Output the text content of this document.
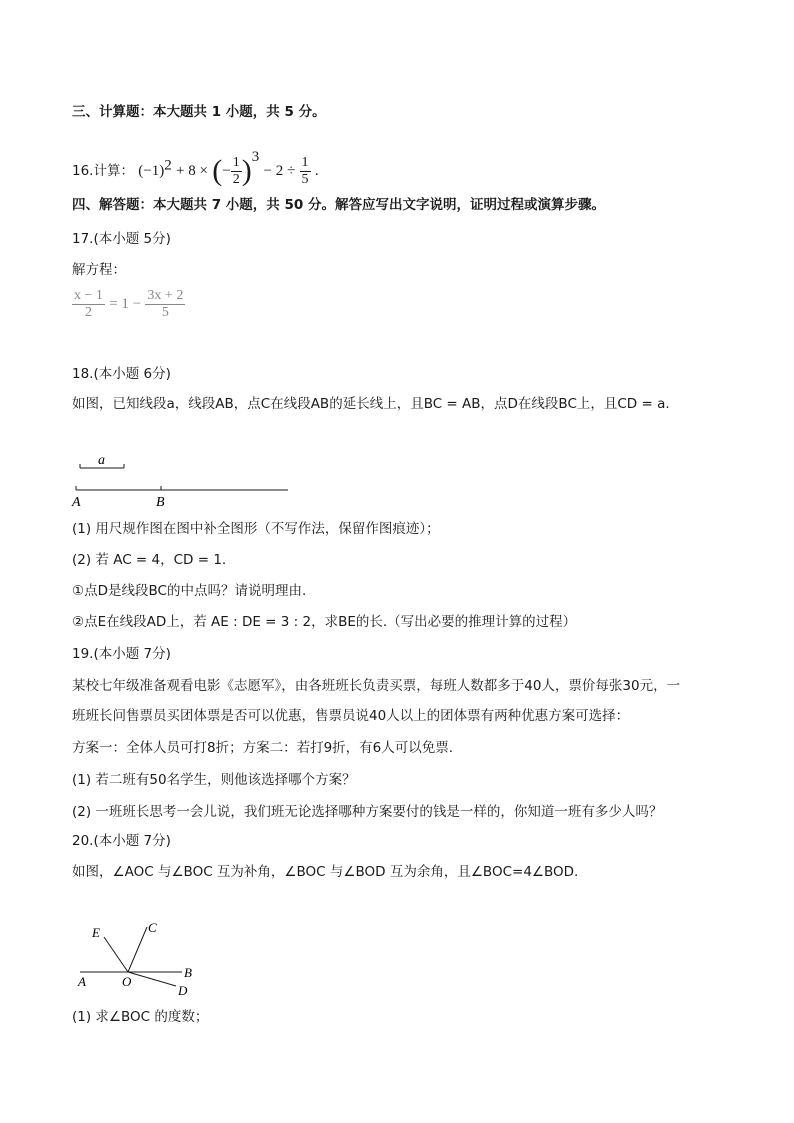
三、计算题：本大题共 1 小题，共 5 分。
16.计算： $(-1)^2 + 8$ × (− $\frac{1}{2} )^3 - 2 \div \frac{1}{5}$ .
四、解答题：本大题共 7 小题，共 50 分。解答应写出文字说明，证明过程或演算步骤。
17.(本小题 5分)
解方程：
$\frac{x - 1}{2} = 1 - \frac{3x + 2}{5}$
18.(本小题 6分)
如图，已知线段a，线段AB，点C在线段AB的延长线上，且BC = AB，点D在线段BC上，且CD = a.
a
A	B
(1) 用尺规作图在图中补全图形（不写作法，保留作图痕迹）；
(2) 若 AC = 4，CD = 1.
①点D是线段BC的中点吗？请说明理由.
②点E在线段AD上，若 AE : DE = 3 : 2，求BE的长.（写出必要的推理计算的过程）
19.(本小题 7分)
某校七年级准备观看电影《志愿军》，由各班班长负责买票，每班人数都多于40人，票价每张30元，一
班班长问售票员买团体票是否可以优惠，售票员说40人以上的团体票有两种优惠方案可选择：
方案一：全体人员可打8折；方案二：若打9折，有6人可以免票.
(1) 若二班有50名学生，则他该选择哪个方案？
(2) 一班班长思考一会儿说，我们班无论选择哪种方案要付的钱是一样的，你知道一班有多少人吗？
20.(本小题 7分)
如图，∠AOC 与∠BOC 互为补角，∠BOC 与∠BOD 互为余角，且∠BOC=4∠BOD.
E	C
A	O
B
D
(1) 求∠BOC 的度数；
